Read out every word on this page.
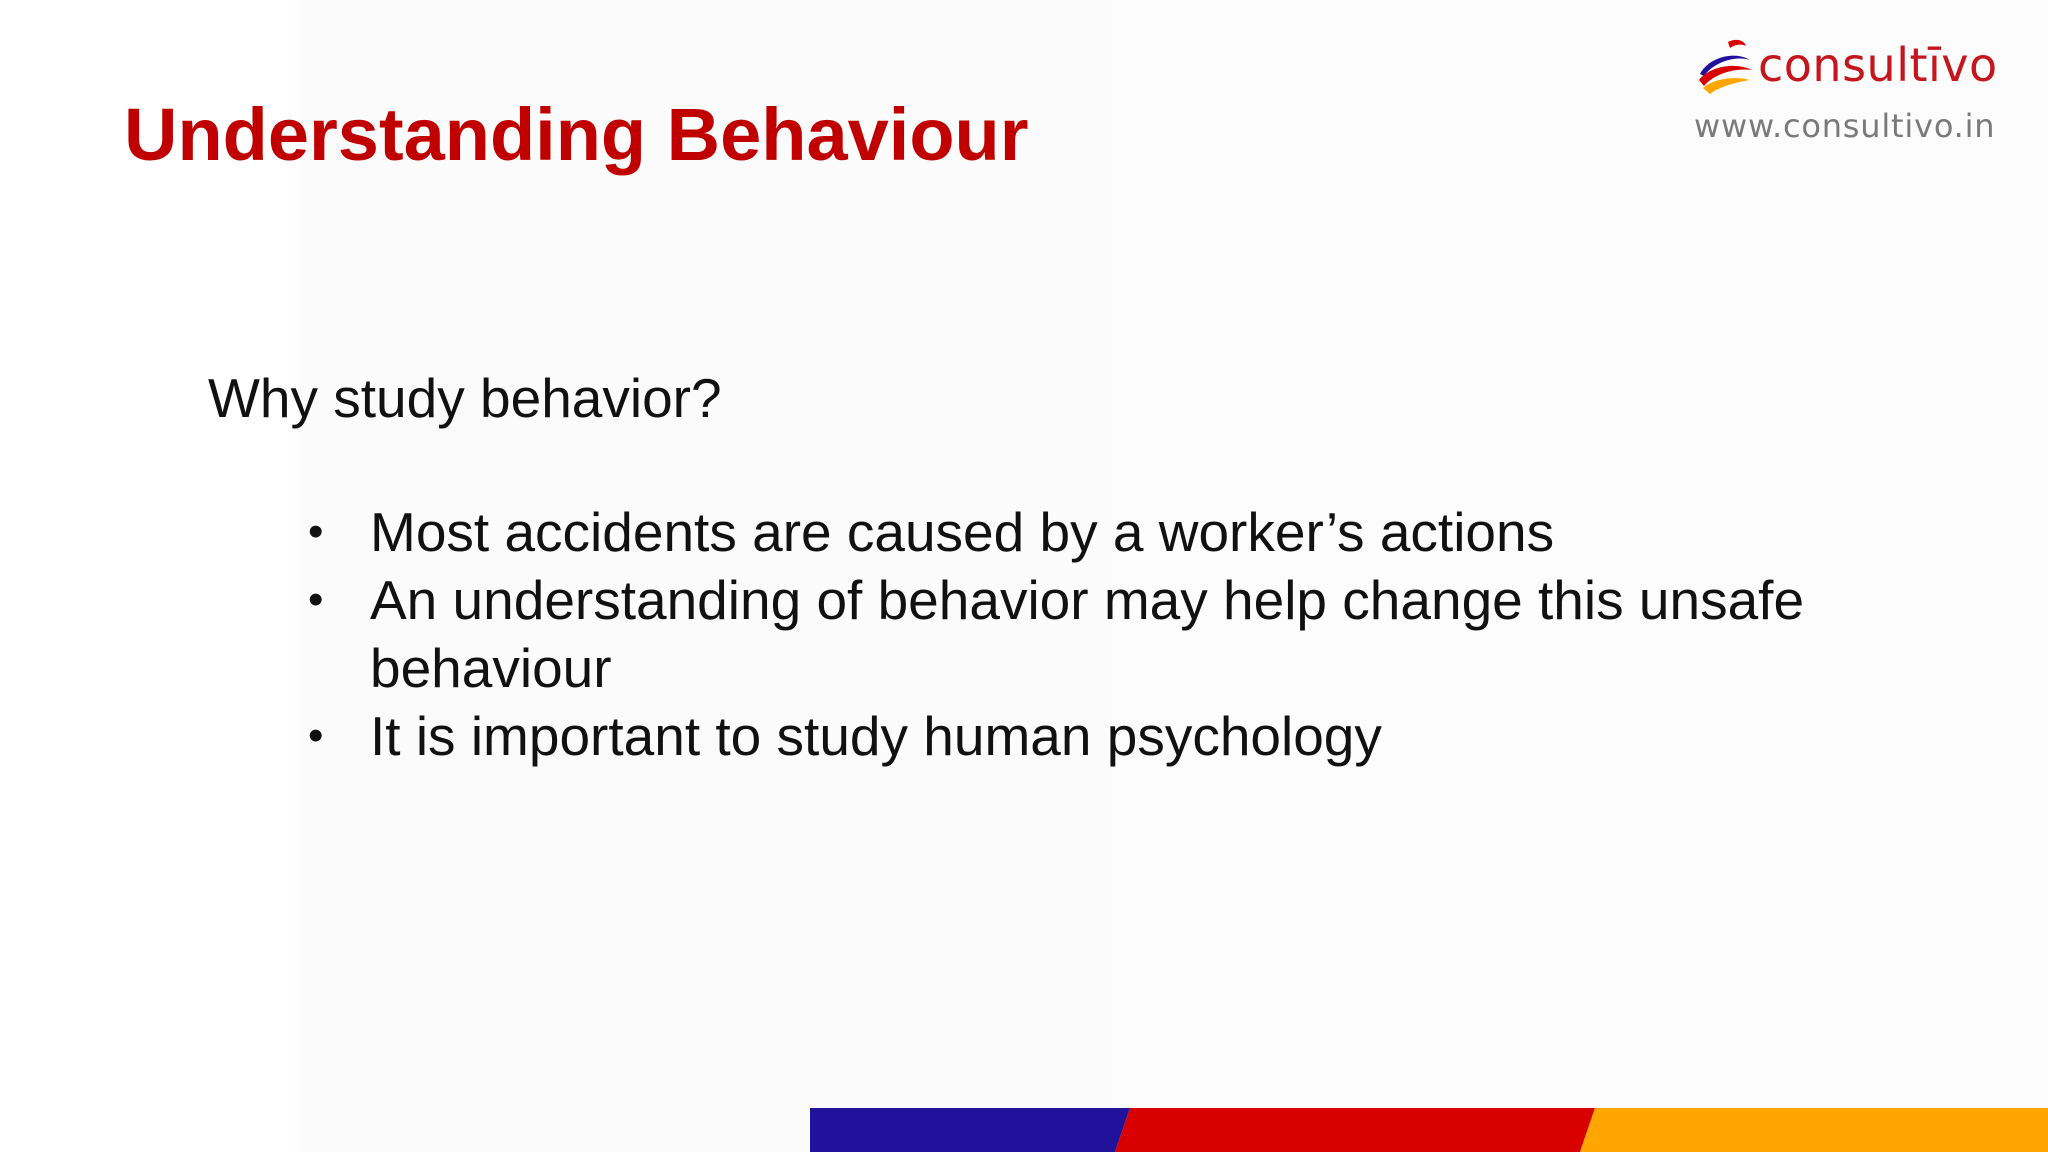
Understanding Behaviour
consultīvo
www.consultivo.in
Why study behavior?
• Most accidents are caused by a worker’s actions
• An understanding of behavior may help change this unsafe behaviour
• It is important to study human psychology
